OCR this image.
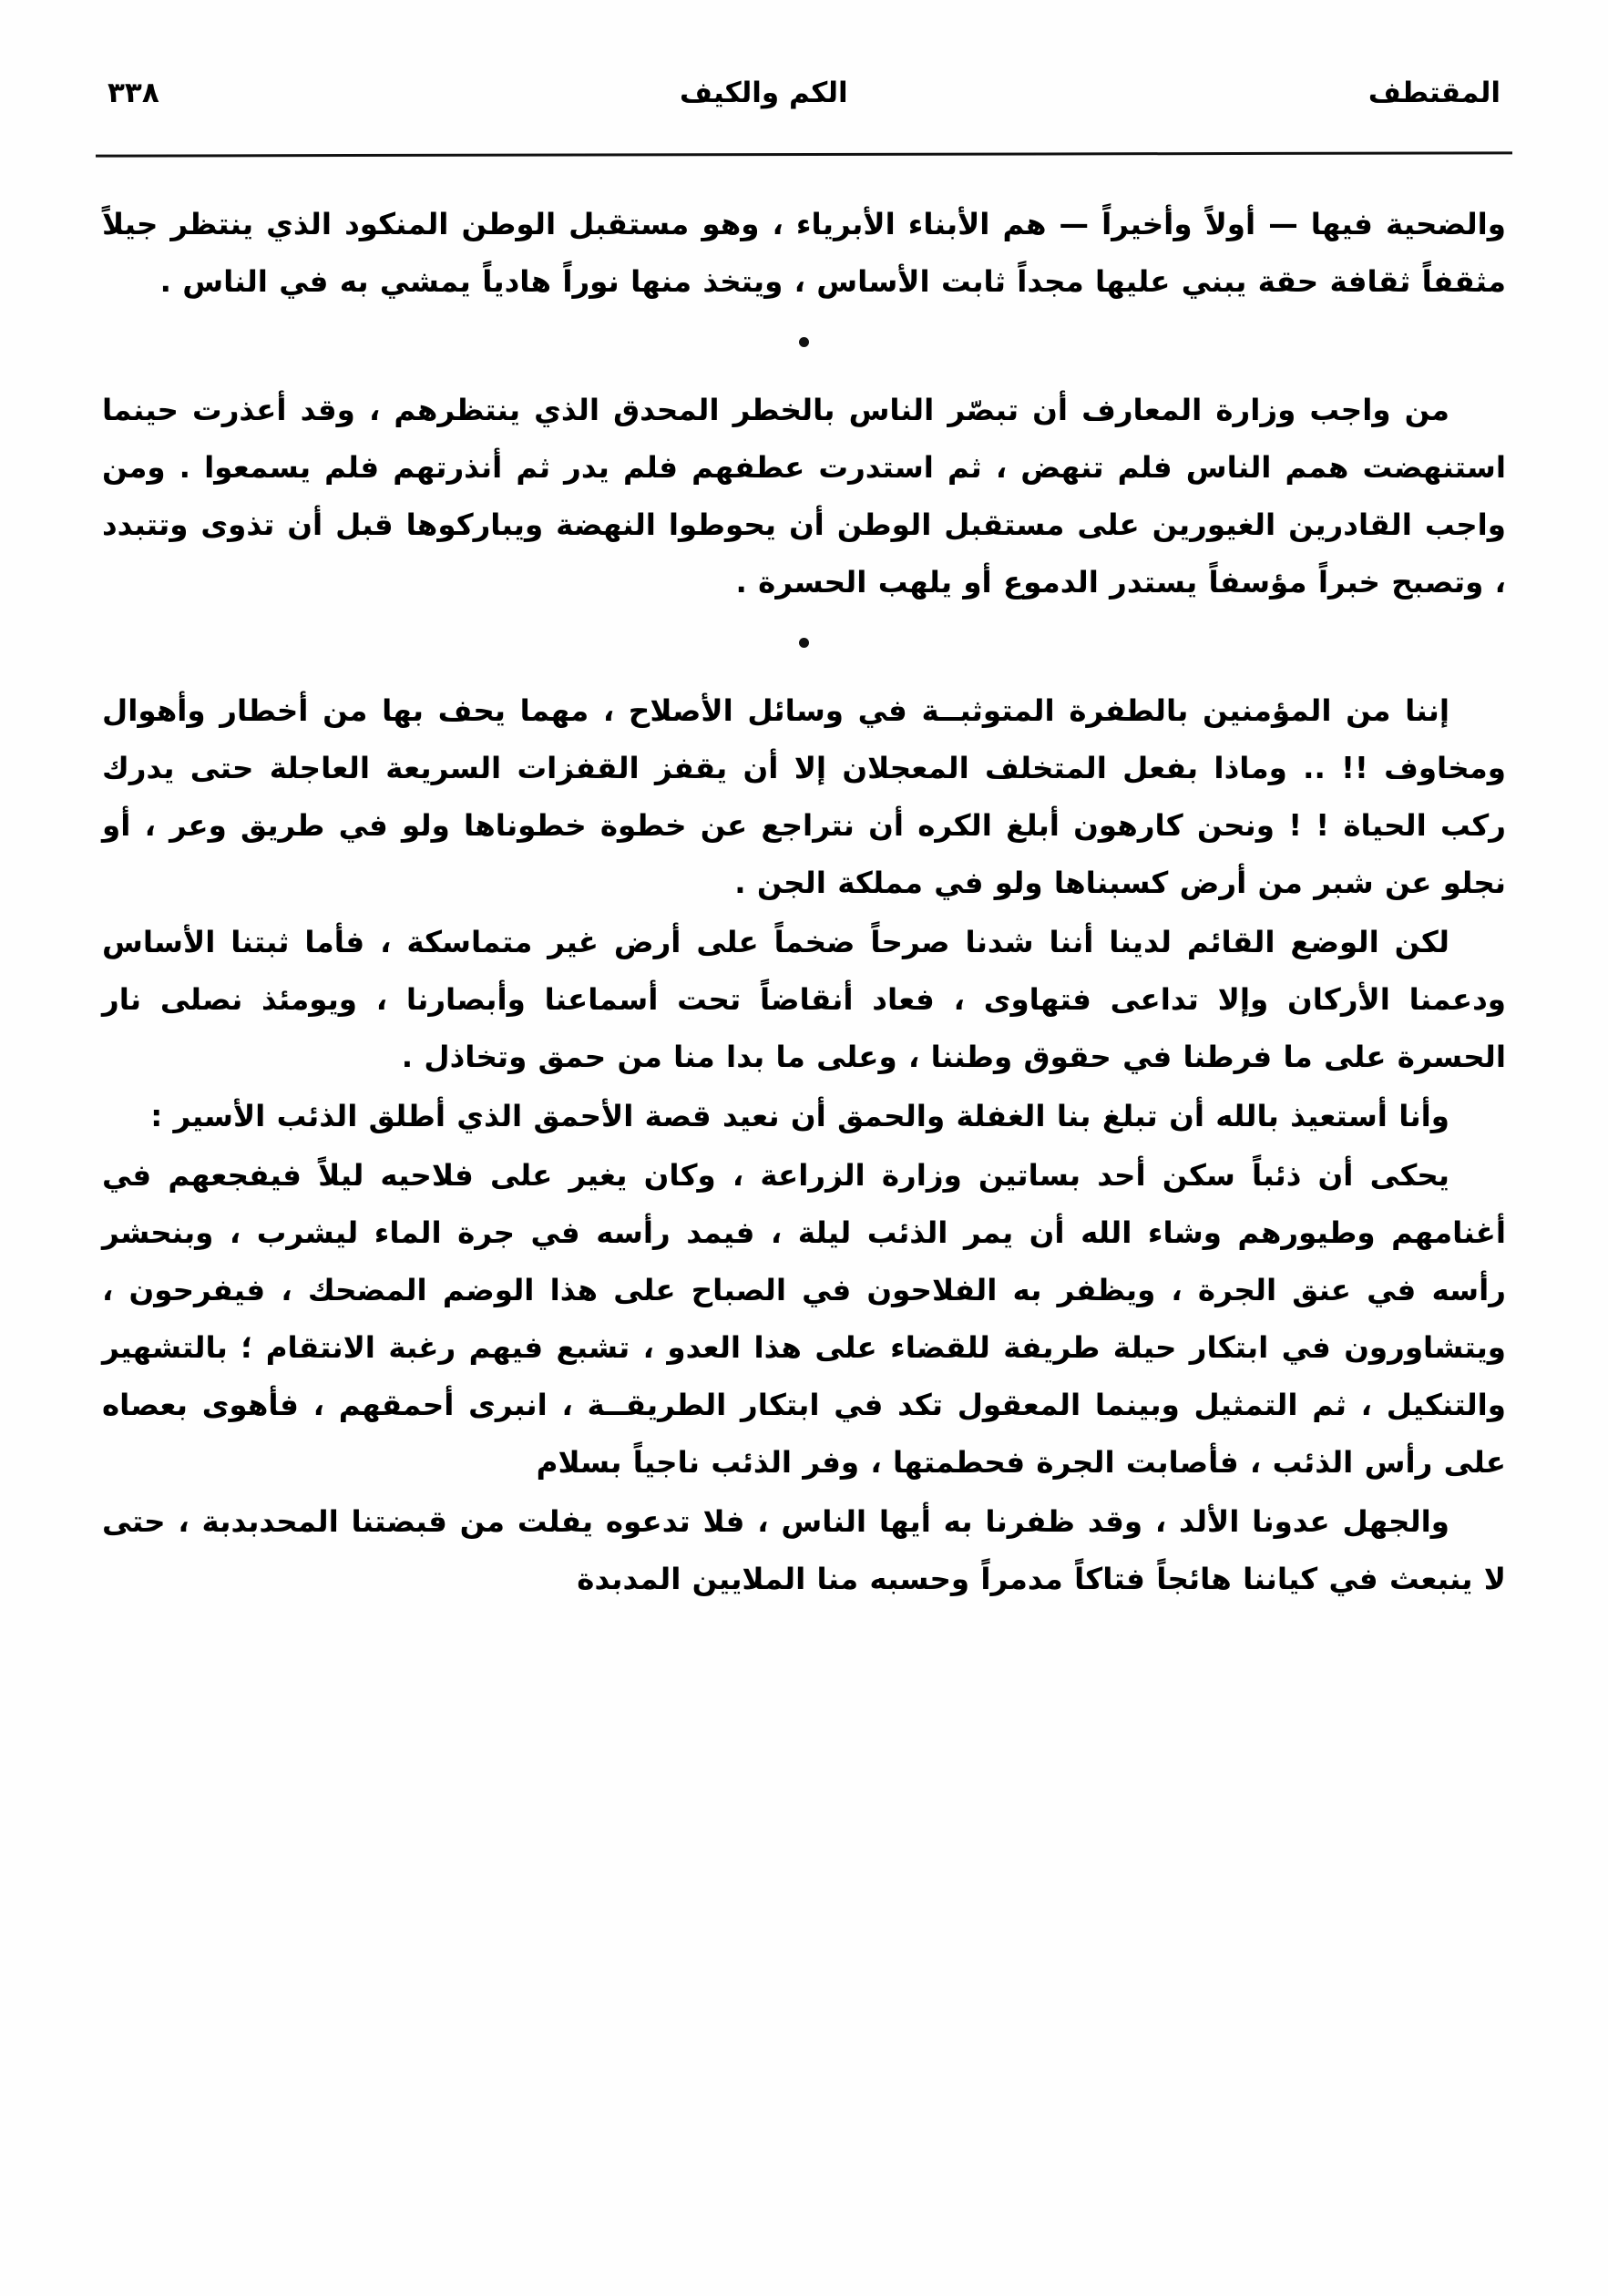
المقتطف
الكم والكيف
٣٣٨

والضحية فيها — أولاً وأخيراً — هم الأبناء الأبرياء ، وهو مستقبل الوطن المنكود الذي ينتظر جيلاً مثقفاً ثقافة حقة يبني عليها مجداً ثابت الأساس ، ويتخذ منها نوراً هادياً يمشي به في الناس .

من واجب وزارة المعارف أن تبصّر الناس بالخطر المحدق الذي ينتظرهم ، وقد أعذرت حينما استنهضت همم الناس فلم تنهض ، ثم استدرت عطفهم فلم يدر ثم أنذرتهم فلم يسمعوا . ومن واجب القادرين الغيورين على مستقبل الوطن أن يحوطوا النهضة ويباركوها قبل أن تذوى وتتبدد ، وتصبح خبراً مؤسفاً يستدر الدموع أو يلهب الحسرة .

إننا من المؤمنين بالطفرة المتوثبــة في وسائل الأصلاح ، مهما يحف بها من أخطار وأهوال ومخاوف !! .. وماذا بفعل المتخلف المعجلان إلا أن يقفز القفزات السريعة العاجلة حتى يدرك ركب الحياة ! ! ونحن كارهون أبلغ الكره أن نتراجع عن خطوة خطوناها ولو في طريق وعر ، أو نجلو عن شبر من أرض كسبناها ولو في مملكة الجن .

لكن الوضع القائم لدينا أننا شدنا صرحاً ضخماً على أرض غير متماسكة ، فأما ثبتنا الأساس ودعمنا الأركان وإلا تداعى فتهاوى ، فعاد أنقاضاً تحت أسماعنا وأبصارنا ، ويومئذ نصلى نار الحسرة على ما فرطنا في حقوق وطننا ، وعلى ما بدا منا من حمق وتخاذل .

وأنا أستعيذ بالله أن تبلغ بنا الغفلة والحمق أن نعيد قصة الأحمق الذي أطلق الذئب الأسير :

يحكى أن ذئباً سكن أحد بساتين وزارة الزراعة ، وكان يغير على فلاحيه ليلاً فيفجعهم في أغنامهم وطيورهم وشاء الله أن يمر الذئب ليلة ، فيمد رأسه في جرة الماء ليشرب ، وبنحشر رأسه في عنق الجرة ، ويظفر به الفلاحون في الصباح على هذا الوضم المضحك ، فيفرحون ، ويتشاورون في ابتكار حيلة طريفة للقضاء على هذا العدو ، تشبع فيهم رغبة الانتقام ؛ بالتشهير والتنكيل ، ثم التمثيل وبينما المعقول تكد في ابتكار الطريقــة ، انبرى أحمقهم ، فأهوى بعصاه على رأس الذئب ، فأصابت الجرة فحطمتها ، وفر الذئب ناجياً بسلام

والجهل عدونا الألد ، وقد ظفرنا به أيها الناس ، فلا تدعوه يفلت من قبضتنا المحدبدبة ، حتى لا ينبعث في كياننا هائجاً فتاكاً مدمراً وحسبه منا الملايين المدبدة
